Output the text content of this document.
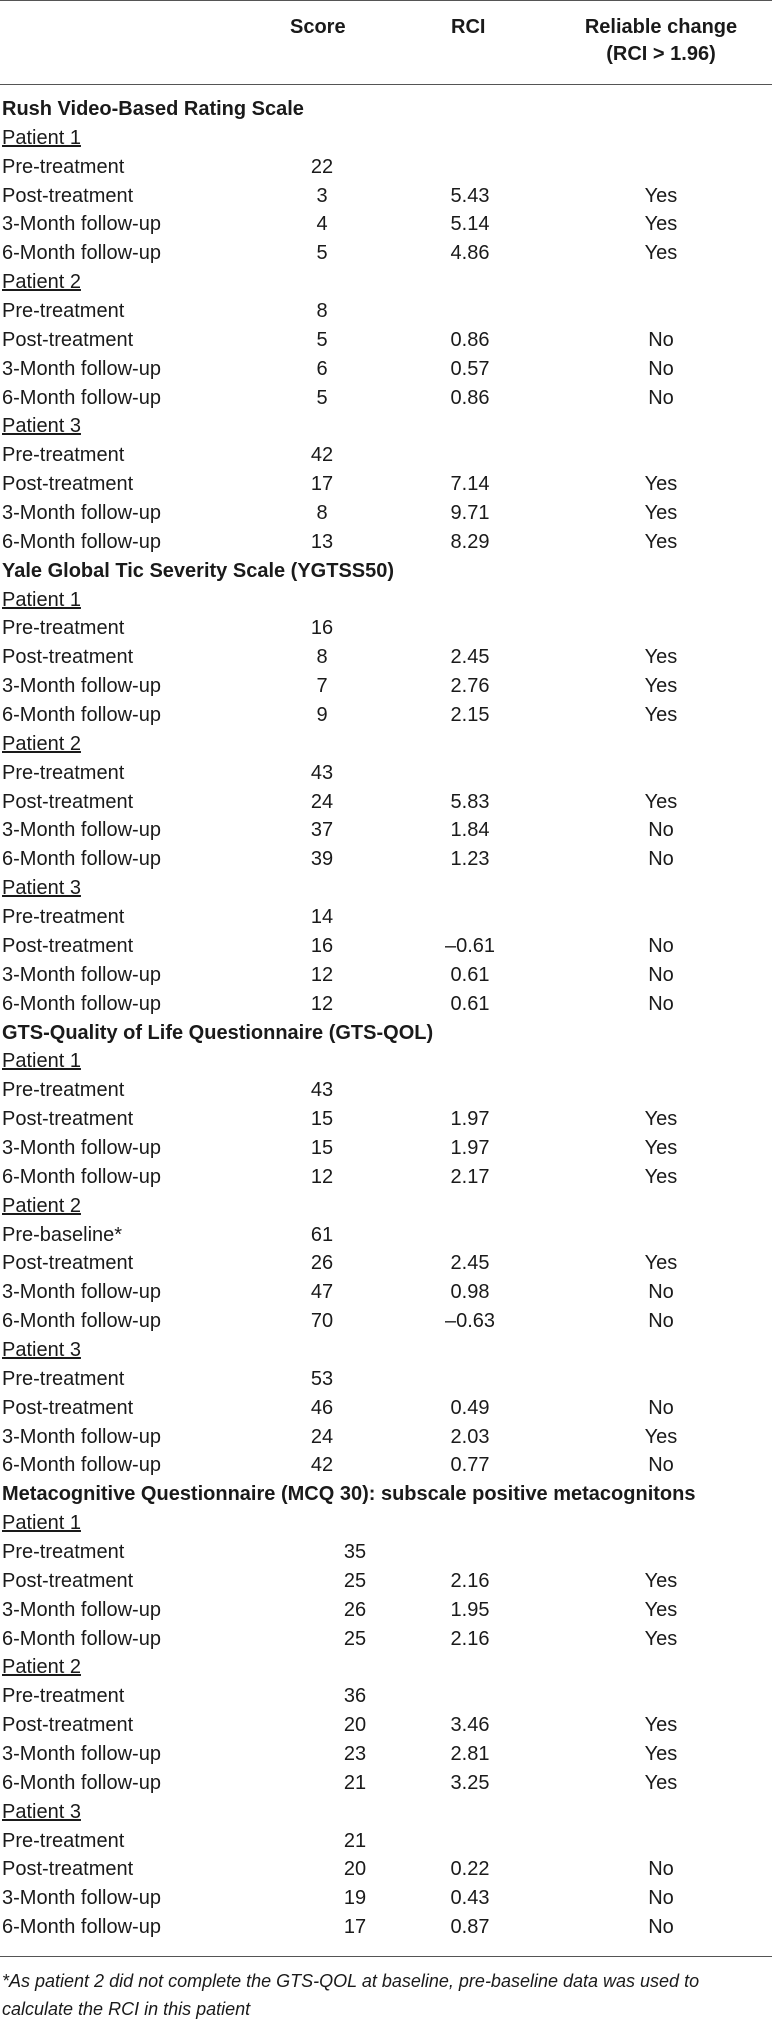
Score	RCI	Reliable change
(RCI > 1.96)
Rush Video-Based Rating Scale
Patient 1
Pre-treatment	22
Post-treatment	3	5.43	Yes
3-Month follow-up	4	5.14	Yes
6-Month follow-up	5	4.86	Yes
Patient 2
Pre-treatment	8
Post-treatment	5	0.86	No
3-Month follow-up	6	0.57	No
6-Month follow-up	5	0.86	No
Patient 3
Pre-treatment	42
Post-treatment	17	7.14	Yes
3-Month follow-up	8	9.71	Yes
6-Month follow-up	13	8.29	Yes
Yale Global Tic Severity Scale (YGTSS50)
Patient 1
Pre-treatment	16
Post-treatment	8	2.45	Yes
3-Month follow-up	7	2.76	Yes
6-Month follow-up	9	2.15	Yes
Patient 2
Pre-treatment	43
Post-treatment	24	5.83	Yes
3-Month follow-up	37	1.84	No
6-Month follow-up	39	1.23	No
Patient 3
Pre-treatment	14
Post-treatment	16	–0.61	No
3-Month follow-up	12	0.61	No
6-Month follow-up	12	0.61	No
GTS-Quality of Life Questionnaire (GTS-QOL)
Patient 1
Pre-treatment	43
Post-treatment	15	1.97	Yes
3-Month follow-up	15	1.97	Yes
6-Month follow-up	12	2.17	Yes
Patient 2
Pre-baseline*	61
Post-treatment	26	2.45	Yes
3-Month follow-up	47	0.98	No
6-Month follow-up	70	–0.63	No
Patient 3
Pre-treatment	53
Post-treatment	46	0.49	No
3-Month follow-up	24	2.03	Yes
6-Month follow-up	42	0.77	No
Metacognitive Questionnaire (MCQ 30): subscale positive metacognitons
Patient 1
Pre-treatment	35
Post-treatment	25	2.16	Yes
3-Month follow-up	26	1.95	Yes
6-Month follow-up	25	2.16	Yes
Patient 2
Pre-treatment	36
Post-treatment	20	3.46	Yes
3-Month follow-up	23	2.81	Yes
6-Month follow-up	21	3.25	Yes
Patient 3
Pre-treatment	21
Post-treatment	20	0.22	No
3-Month follow-up	19	0.43	No
6-Month follow-up	17	0.87	No
*As patient 2 did not complete the GTS-QOL at baseline, pre-baseline data was used to calculate the RCI in this patient
